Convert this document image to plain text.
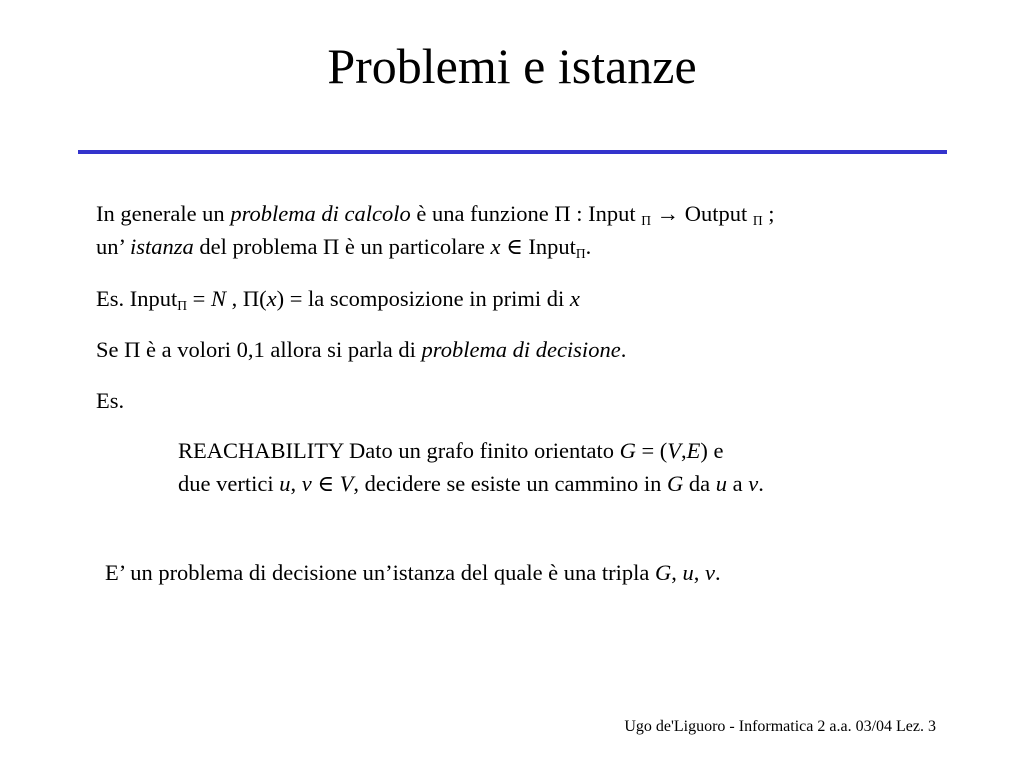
Problemi e istanze
In generale un problema di calcolo è una funzione Π : Input $_\Pi$ → Output $_\Pi$ ;
un’ istanza del problema Π è un particolare x ∈ Input$_\Pi$.
Es. Input$_\Pi$ = N , Π(x) = la scomposizione in primi di x
Se Π è a volori 0,1 allora si parla di problema di decisione.
Es.
REACHABILITY Dato un grafo finito orientato G = (V,E) e
due vertici u, v ∈ V, decidere se esiste un cammino in G da u a v.
E’ un problema di decisione un’istanza del quale è una tripla G, u, v.
Ugo de'Liguoro - Informatica 2 a.a. 03/04 Lez. 3
